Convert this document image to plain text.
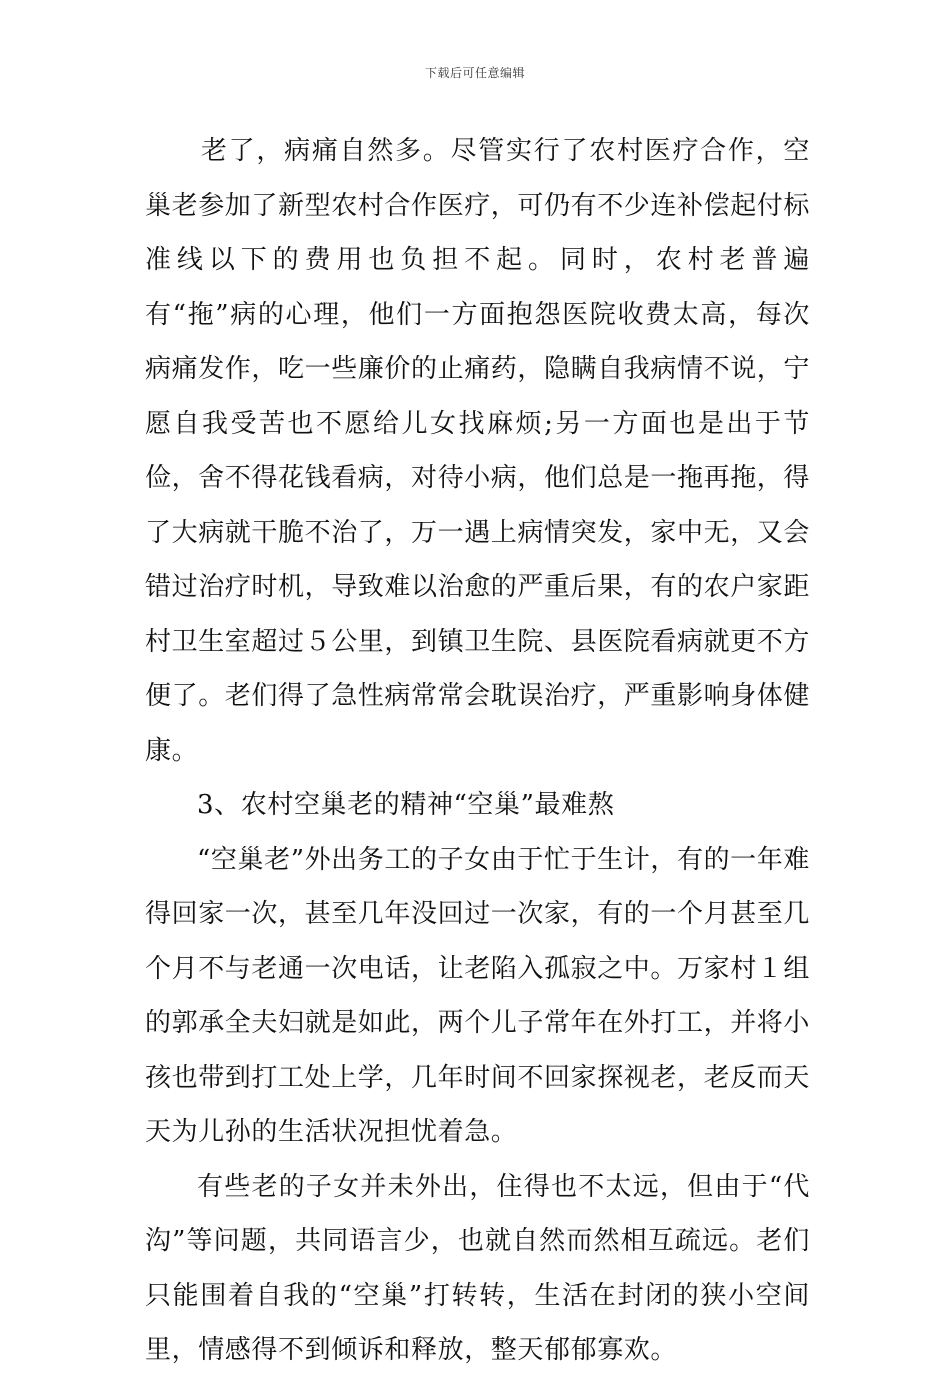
下载后可任意编辑

老了，病痛自然多。尽管实行了农村医疗合作，空巢老参加了新型农村合作医疗，可仍有不少连补偿起付标准线以下的费用也负担不起。同时，农村老普遍有“拖”病的心理，他们一方面抱怨医院收费太高，每次病痛发作，吃一些廉价的止痛药，隐瞒自我病情不说，宁愿自我受苦也不愿给儿女找麻烦;另一方面也是出于节俭，舍不得花钱看病，对待小病，他们总是一拖再拖，得了大病就干脆不治了，万一遇上病情突发，家中无，又会错过治疗时机，导致难以治愈的严重后果，有的农户家距村卫生室超过５公里，到镇卫生院、县医院看病就更不方便了。老们得了急性病常常会耽误治疗，严重影响身体健康。

3、农村空巢老的精神“空巢”最难熬

“空巢老”外出务工的子女由于忙于生计，有的一年难得回家一次，甚至几年没回过一次家，有的一个月甚至几个月不与老通一次电话，让老陷入孤寂之中。万家村１组的郭承全夫妇就是如此，两个儿子常年在外打工，并将小孩也带到打工处上学，几年时间不回家探视老，老反而天天为儿孙的生活状况担忧着急。

有些老的子女并未外出，住得也不太远，但由于“代沟”等问题，共同语言少，也就自然而然相互疏远。老们只能围着自我的“空巢”打转转，生活在封闭的狭小空间里，情感得不到倾诉和释放，整天郁郁寡欢。
